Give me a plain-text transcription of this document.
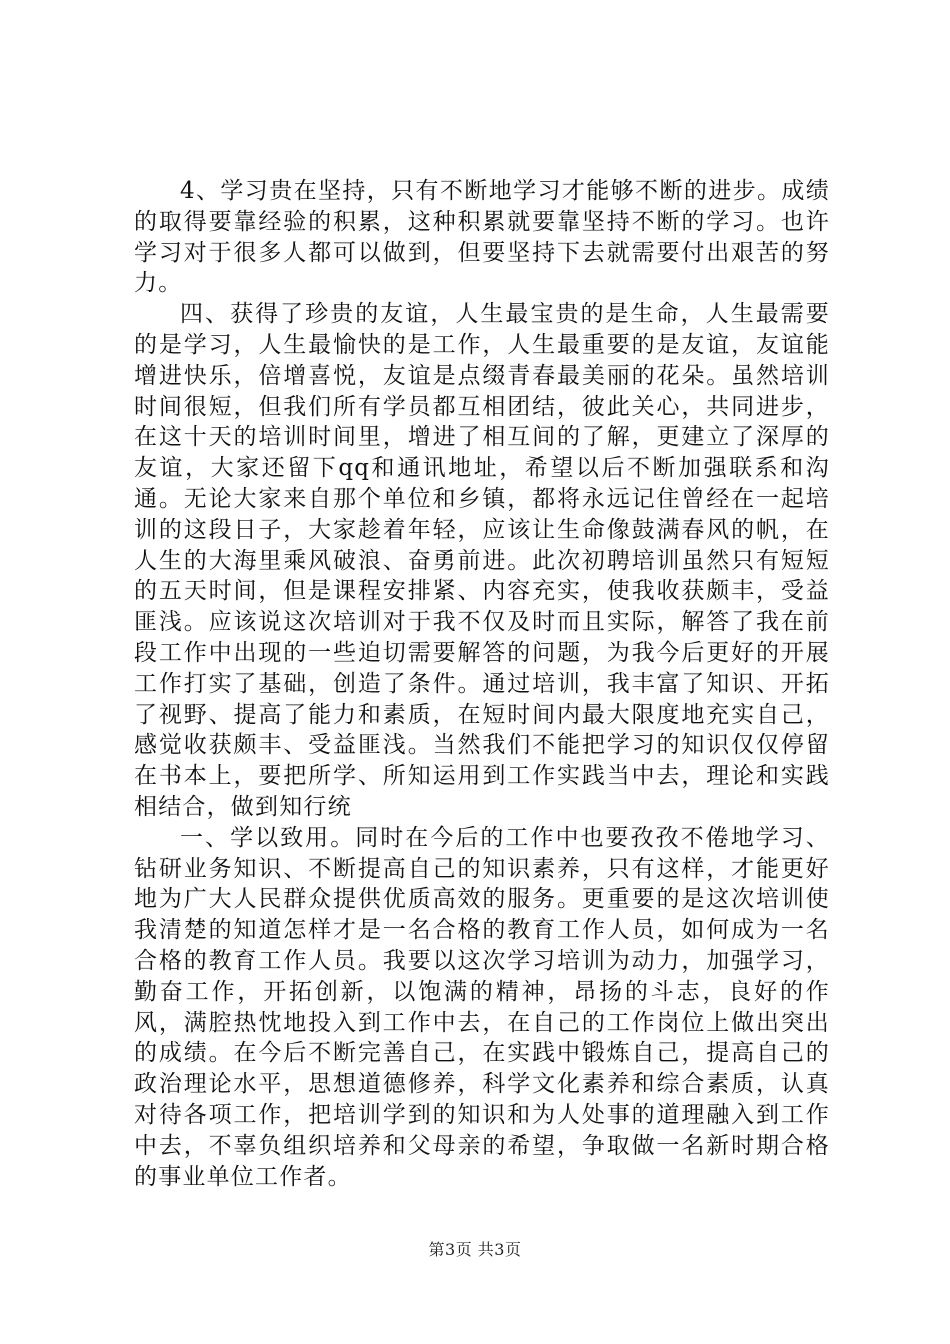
4、学习贵在坚持，只有不断地学习才能够不断的进步。成绩的取得要靠经验的积累，这种积累就要靠坚持不断的学习。也许学习对于很多人都可以做到，但要坚持下去就需要付出艰苦的努力。

四、获得了珍贵的友谊，人生最宝贵的是生命，人生最需要的是学习，人生最愉快的是工作，人生最重要的是友谊，友谊能增进快乐，倍增喜悦，友谊是点缀青春最美丽的花朵。虽然培训时间很短，但我们所有学员都互相团结，彼此关心，共同进步，在这十天的培训时间里，增进了相互间的了解，更建立了深厚的友谊，大家还留下qq和通讯地址，希望以后不断加强联系和沟通。无论大家来自那个单位和乡镇，都将永远记住曾经在一起培训的这段日子，大家趁着年轻，应该让生命像鼓满春风的帆，在人生的大海里乘风破浪、奋勇前进。此次初聘培训虽然只有短短的五天时间，但是课程安排紧、内容充实，使我收获颇丰，受益匪浅。应该说这次培训对于我不仅及时而且实际，解答了我在前段工作中出现的一些迫切需要解答的问题，为我今后更好的开展工作打实了基础，创造了条件。通过培训，我丰富了知识、开拓了视野、提高了能力和素质，在短时间内最大限度地充实自己，感觉收获颇丰、受益匪浅。当然我们不能把学习的知识仅仅停留在书本上，要把所学、所知运用到工作实践当中去，理论和实践相结合，做到知行统

一、学以致用。同时在今后的工作中也要孜孜不倦地学习、钻研业务知识、不断提高自己的知识素养，只有这样，才能更好地为广大人民群众提供优质高效的服务。更重要的是这次培训使我清楚的知道怎样才是一名合格的教育工作人员，如何成为一名合格的教育工作人员。我要以这次学习培训为动力，加强学习，勤奋工作，开拓创新，以饱满的精神，昂扬的斗志，良好的作风，满腔热忱地投入到工作中去，在自己的工作岗位上做出突出的成绩。在今后不断完善自己，在实践中锻炼自己，提高自己的政治理论水平，思想道德修养，科学文化素养和综合素质，认真对待各项工作，把培训学到的知识和为人处事的道理融入到工作中去，不辜负组织培养和父母亲的希望，争取做一名新时期合格的事业单位工作者。

第3页 共3页
